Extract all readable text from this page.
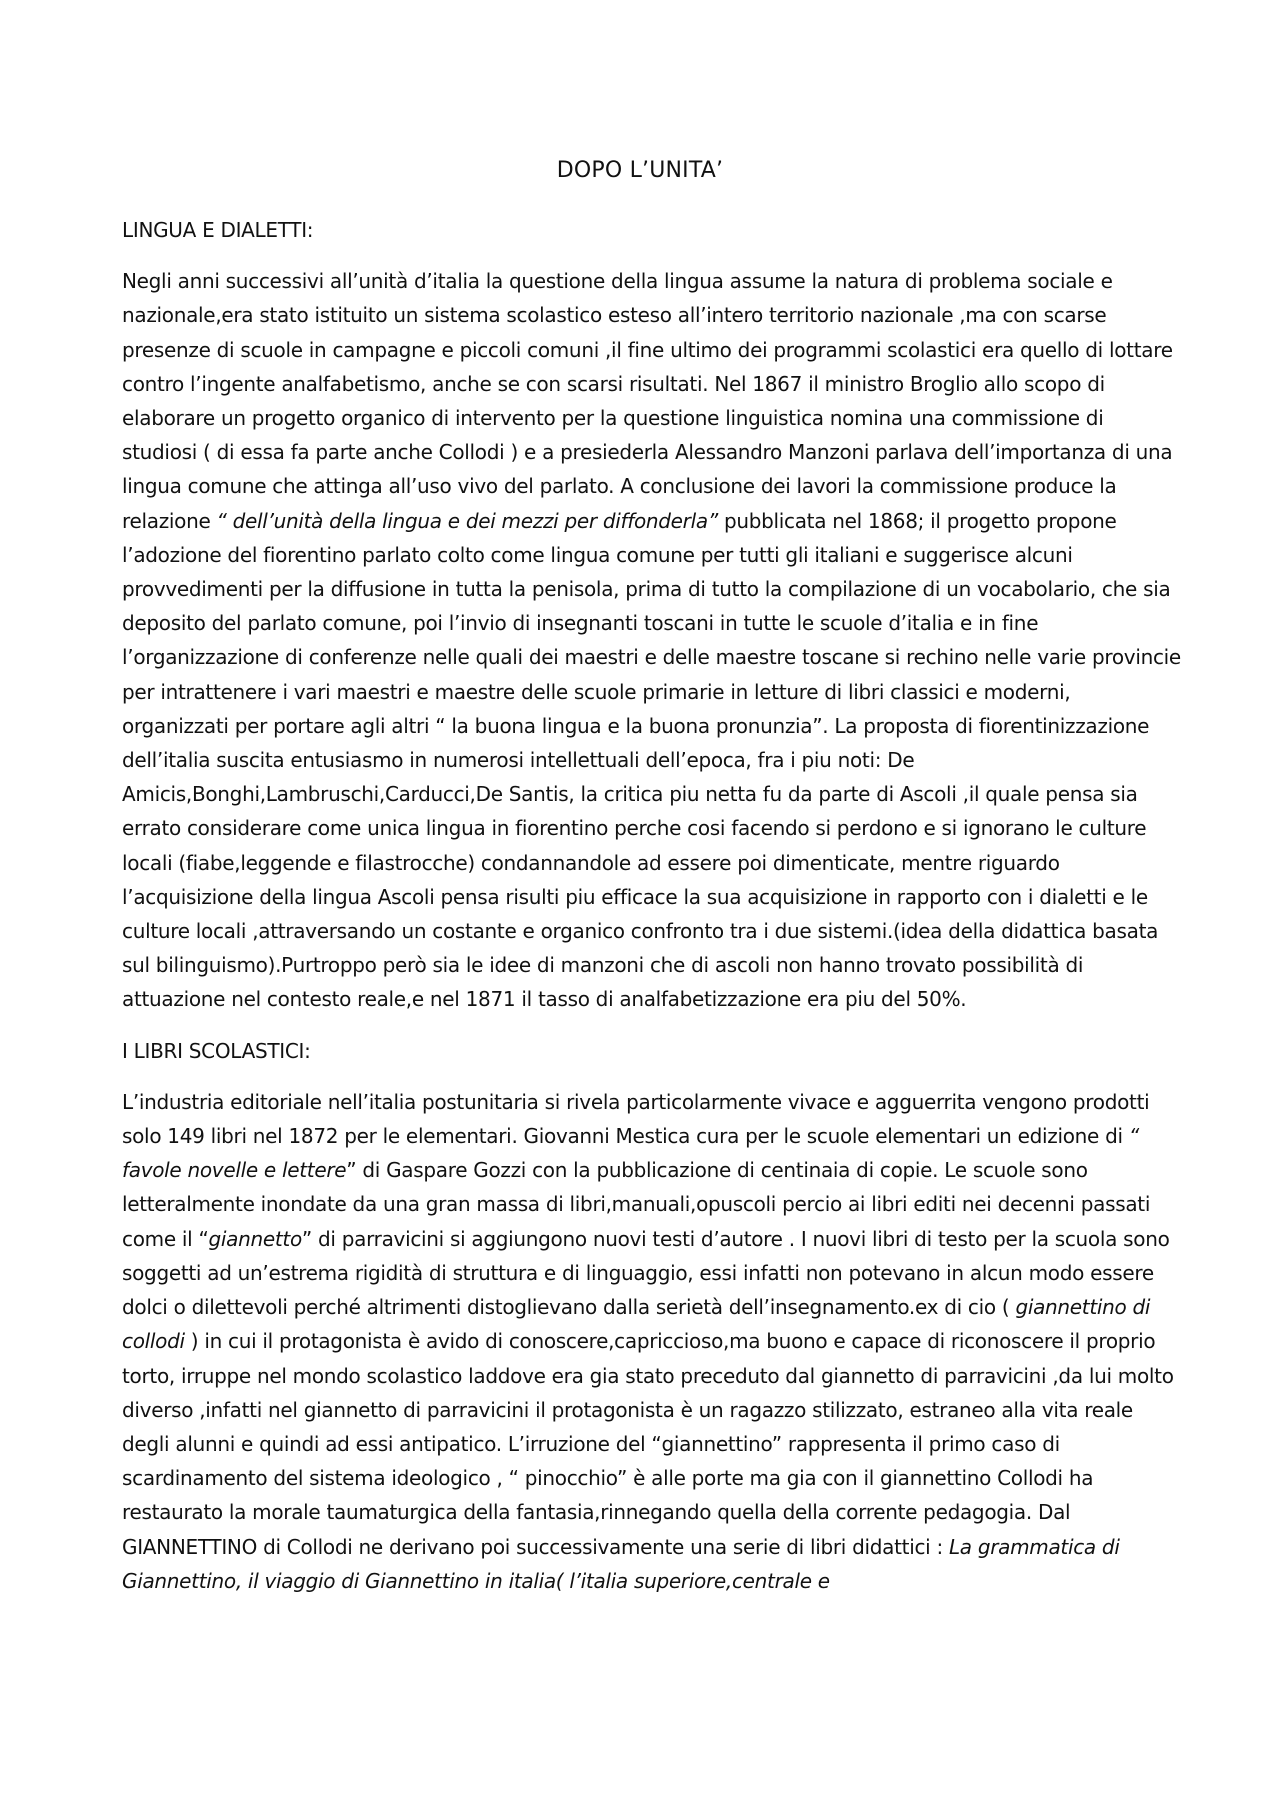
DOPO L’UNITA’
LINGUA E DIALETTI:

Negli anni successivi all’unità d’italia la questione della lingua assume la natura di problema sociale e nazionale,era stato istituito un sistema scolastico esteso all’intero territorio nazionale ,ma con scarse presenze di scuole in campagne e piccoli comuni ,il fine ultimo dei programmi scolastici era quello di lottare contro l’ingente analfabetismo, anche se con scarsi risultati. Nel 1867 il ministro Broglio allo scopo di elaborare un progetto organico di intervento per la questione linguistica nomina una commissione di studiosi ( di essa fa parte anche Collodi ) e a presiederla Alessandro Manzoni parlava dell’importanza di una lingua comune che attinga all’uso vivo del parlato. A conclusione dei lavori la commissione produce la relazione “ dell’unità della lingua e dei mezzi per diffonderla” pubblicata nel 1868; il progetto propone l’adozione del fiorentino parlato colto come lingua comune per tutti gli italiani e suggerisce alcuni provvedimenti per la diffusione in tutta la penisola, prima di tutto la compilazione di un vocabolario, che sia deposito del parlato comune, poi l’invio di insegnanti toscani in tutte le scuole d’italia e in fine l’organizzazione di conferenze nelle quali dei maestri e delle maestre toscane si rechino nelle varie provincie per intrattenere i vari maestri e maestre delle scuole primarie in letture di libri classici e moderni, organizzati per portare agli altri “ la buona lingua e la buona pronunzia”. La proposta di fiorentinizzazione dell’italia suscita entusiasmo in numerosi intellettuali dell’epoca, fra i piu noti: De Amicis,Bonghi,Lambruschi,Carducci,De Santis, la critica piu netta fu da parte di Ascoli ,il quale pensa sia errato considerare come unica lingua in fiorentino perche cosi facendo si perdono e si ignorano le culture locali (fiabe,leggende e filastrocche) condannandole ad essere poi dimenticate, mentre riguardo l’acquisizione della lingua Ascoli pensa risulti piu efficace la sua acquisizione in rapporto con i dialetti e le culture locali ,attraversando un costante e organico confronto tra i due sistemi.(idea della didattica basata sul bilinguismo).Purtroppo però sia le idee di manzoni che di ascoli non hanno trovato possibilità di attuazione nel contesto reale,e nel 1871 il tasso di analfabetizzazione era piu del 50%.

I LIBRI SCOLASTICI:

L’industria editoriale nell’italia postunitaria si rivela particolarmente vivace e agguerrita vengono prodotti solo 149 libri nel 1872 per le elementari. Giovanni Mestica cura per le scuole elementari un edizione di “ favole novelle e lettere” di Gaspare Gozzi con la pubblicazione di centinaia di copie. Le scuole sono letteralmente inondate da una gran massa di libri,manuali,opuscoli percio ai libri editi nei decenni passati come il “giannetto” di parravicini si aggiungono nuovi testi d’autore . I nuovi libri di testo per la scuola sono soggetti ad un’estrema rigidità di struttura e di linguaggio, essi infatti non potevano in alcun modo essere dolci o dilettevoli perché altrimenti distoglievano dalla serietà dell’insegnamento.ex di cio ( giannettino di collodi ) in cui il protagonista è avido di conoscere,capriccioso,ma buono e capace di riconoscere il proprio torto, irruppe nel mondo scolastico laddove era gia stato preceduto dal giannetto di parravicini ,da lui molto diverso ,infatti nel giannetto di parravicini il protagonista è un ragazzo stilizzato, estraneo alla vita reale degli alunni e quindi ad essi antipatico. L’irruzione del “giannettino” rappresenta il primo caso di scardinamento del sistema ideologico , “ pinocchio” è alle porte ma gia con il giannettino Collodi ha restaurato la morale taumaturgica della fantasia,rinnegando quella della corrente pedagogia. Dal GIANNETTINO di Collodi ne derivano poi successivamente una serie di libri didattici : La grammatica di Giannettino, il viaggio di Giannettino in italia( l’italia superiore,centrale e
